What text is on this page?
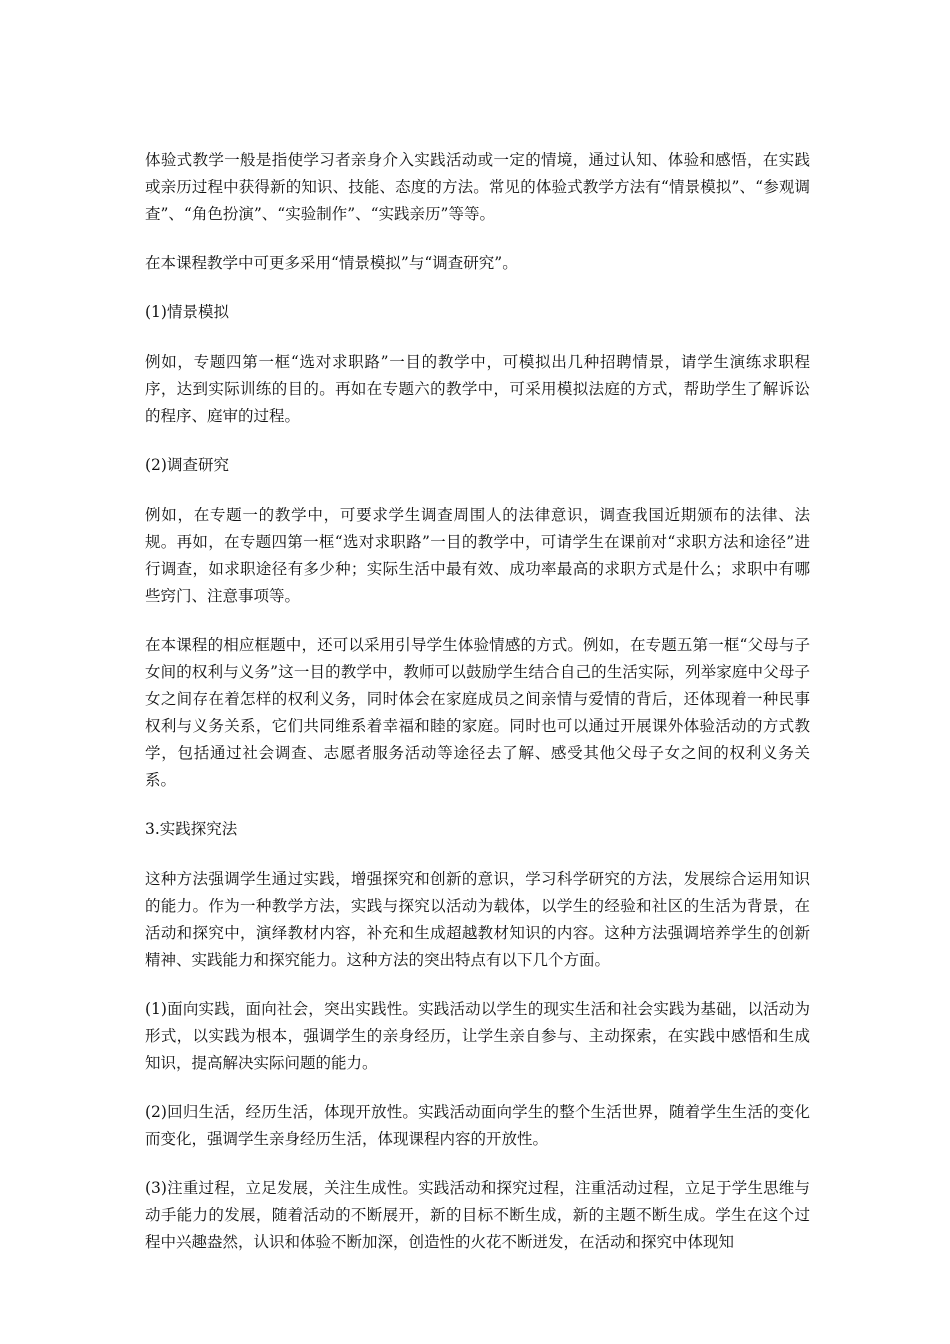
体验式教学一般是指使学习者亲身介入实践活动或一定的情境，通过认知、体验和感悟，在实践或亲历过程中获得新的知识、技能、态度的方法。常见的体验式教学方法有“情景模拟”、“参观调查”、“角色扮演”、“实验制作”、“实践亲历”等等。

在本课程教学中可更多采用“情景模拟”与“调查研究”。

(1)情景模拟

例如，专题四第一框“选对求职路”一目的教学中，可模拟出几种招聘情景，请学生演练求职程序，达到实际训练的目的。再如在专题六的教学中，可采用模拟法庭的方式，帮助学生了解诉讼的程序、庭审的过程。

(2)调查研究

例如，在专题一的教学中，可要求学生调查周围人的法律意识，调查我国近期颁布的法律、法规。再如，在专题四第一框“选对求职路”一目的教学中，可请学生在课前对“求职方法和途径”进行调查，如求职途径有多少种；实际生活中最有效、成功率最高的求职方式是什么；求职中有哪些窍门、注意事项等。

在本课程的相应框题中，还可以采用引导学生体验情感的方式。例如，在专题五第一框“父母与子女间的权利与义务”这一目的教学中，教师可以鼓励学生结合自己的生活实际，列举家庭中父母子女之间存在着怎样的权利义务，同时体会在家庭成员之间亲情与爱情的背后，还体现着一种民事权利与义务关系，它们共同维系着幸福和睦的家庭。同时也可以通过开展课外体验活动的方式教学，包括通过社会调查、志愿者服务活动等途径去了解、感受其他父母子女之间的权利义务关系。

3.实践探究法

这种方法强调学生通过实践，增强探究和创新的意识，学习科学研究的方法，发展综合运用知识的能力。作为一种教学方法，实践与探究以活动为载体，以学生的经验和社区的生活为背景，在活动和探究中，演绎教材内容，补充和生成超越教材知识的内容。这种方法强调培养学生的创新精神、实践能力和探究能力。这种方法的突出特点有以下几个方面。

(1)面向实践，面向社会，突出实践性。实践活动以学生的现实生活和社会实践为基础，以活动为形式，以实践为根本，强调学生的亲身经历，让学生亲自参与、主动探索，在实践中感悟和生成知识，提高解决实际问题的能力。

(2)回归生活，经历生活，体现开放性。实践活动面向学生的整个生活世界，随着学生生活的变化而变化，强调学生亲身经历生活，体现课程内容的开放性。

(3)注重过程，立足发展，关注生成性。实践活动和探究过程，注重活动过程，立足于学生思维与动手能力的发展，随着活动的不断展开，新的目标不断生成，新的主题不断生成。学生在这个过程中兴趣盎然，认识和体验不断加深，创造性的火花不断迸发，在活动和探究中体现知
